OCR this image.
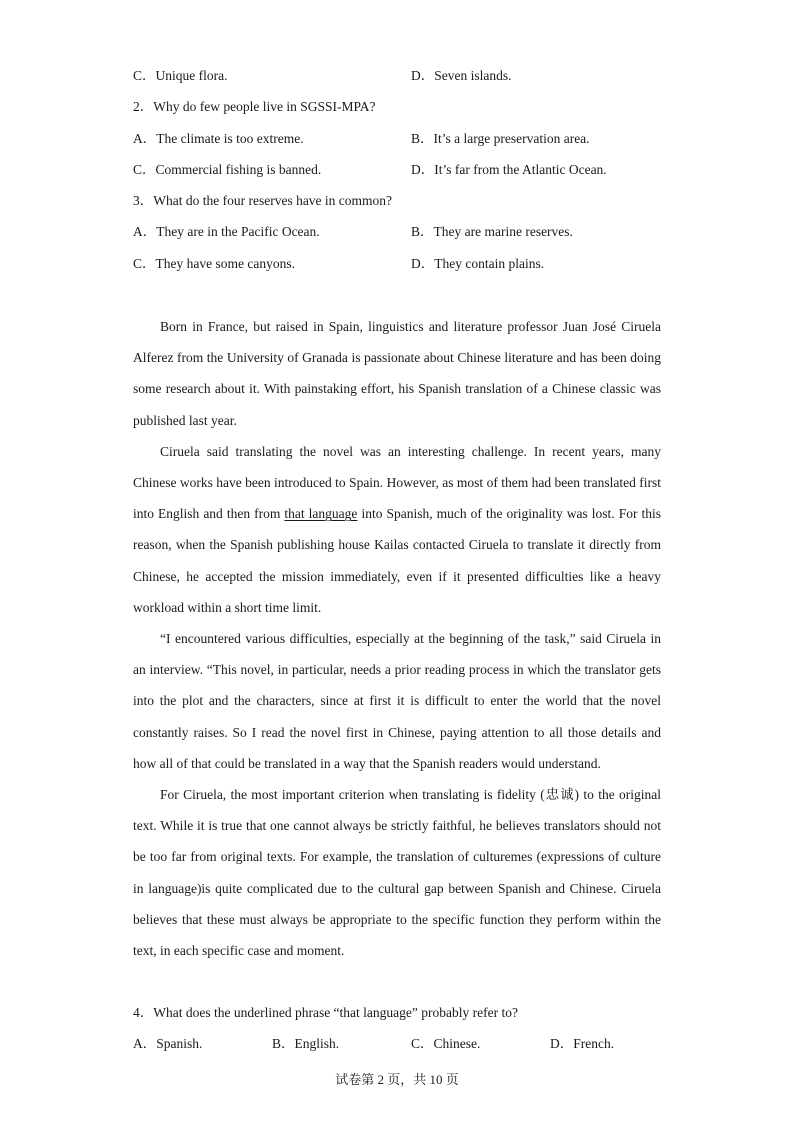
C．Unique flora.	D．Seven islands.
2．Why do few people live in SGSSI-MPA?
A．The climate is too extreme.	B．It’s a large preservation area.
C．Commercial fishing is banned.	D．It’s far from the Atlantic Ocean.
3．What do the four reserves have in common?
A．They are in the Pacific Ocean.	B．They are marine reserves.
C．They have some canyons.	D．They contain plains.

Born in France, but raised in Spain, linguistics and literature professor Juan José Ciruela Alferez from the University of Granada is passionate about Chinese literature and has been doing some research about it. With painstaking effort, his Spanish translation of a Chinese classic was published last year.

Ciruela said translating the novel was an interesting challenge. In recent years, many Chinese works have been introduced to Spain. However, as most of them had been translated first into English and then from that language into Spanish, much of the originality was lost. For this reason, when the Spanish publishing house Kailas contacted Ciruela to translate it directly from Chinese, he accepted the mission immediately, even if it presented difficulties like a heavy workload within a short time limit.

“I encountered various difficulties, especially at the beginning of the task,” said Ciruela in an interview. “This novel, in particular, needs a prior reading process in which the translator gets into the plot and the characters, since at first it is difficult to enter the world that the novel constantly raises. So I read the novel first in Chinese, paying attention to all those details and how all of that could be translated in a way that the Spanish readers would understand.

For Ciruela, the most important criterion when translating is fidelity (忠诚) to the original text. While it is true that one cannot always be strictly faithful, he believes translators should not be too far from original texts. For example, the translation of culturemes (expressions of culture in language)is quite complicated due to the cultural gap between Spanish and Chinese. Ciruela believes that these must always be appropriate to the specific function they perform within the text, in each specific case and moment.

4．What does the underlined phrase “that language” probably refer to?
A．Spanish.	B．English.	C．Chinese.	D．French.
试卷第 2 页，共 10 页
